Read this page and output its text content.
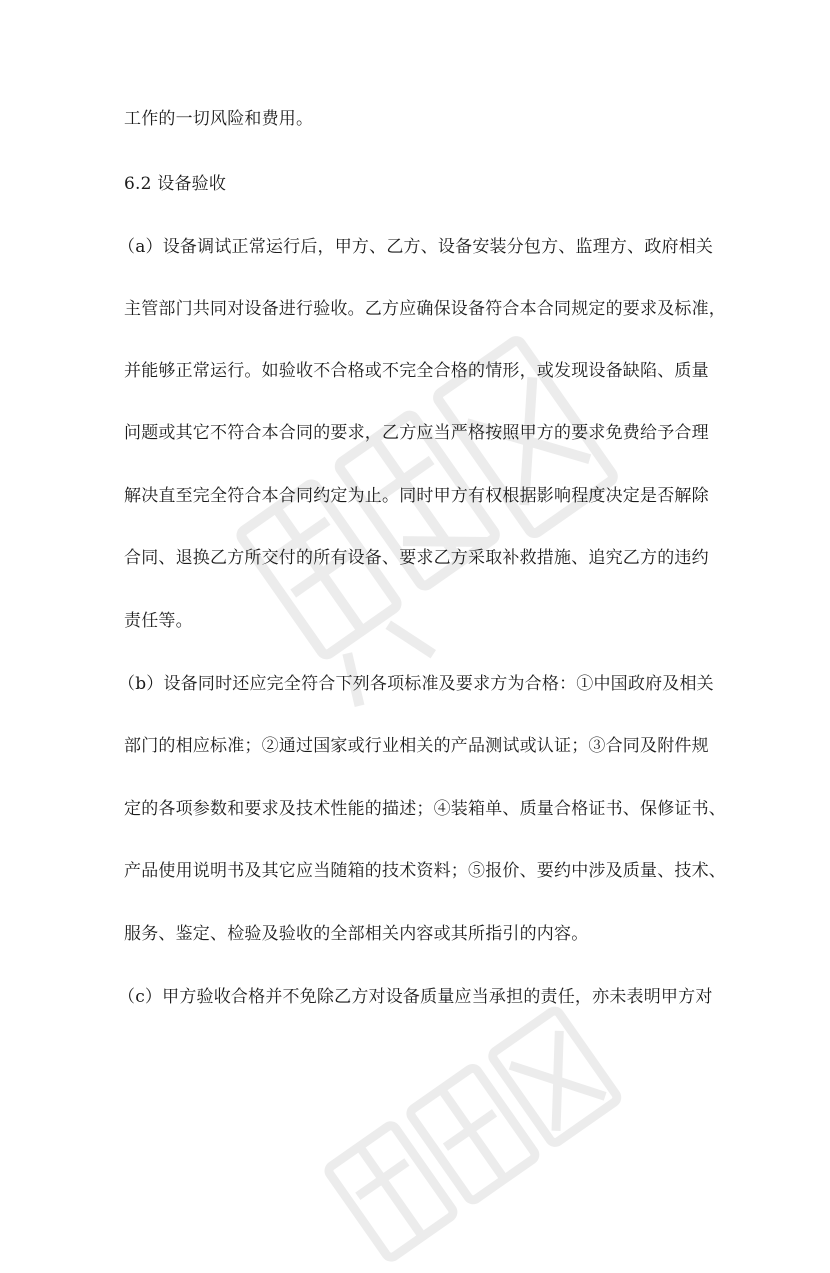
工作的一切风险和费用。
6.2 设备验收
（a）设备调试正常运行后，甲方、乙方、设备安装分包方、监理方、政府相关
主管部门共同对设备进行验收。乙方应确保设备符合本合同规定的要求及标准，
并能够正常运行。如验收不合格或不完全合格的情形，或发现设备缺陷、质量
问题或其它不符合本合同的要求，乙方应当严格按照甲方的要求免费给予合理
解决直至完全符合本合同约定为止。同时甲方有权根据影响程度决定是否解除
合同、退换乙方所交付的所有设备、要求乙方采取补救措施、追究乙方的违约
责任等。
（b）设备同时还应完全符合下列各项标准及要求方为合格：①中国政府及相关
部门的相应标准；②通过国家或行业相关的产品测试或认证；③合同及附件规
定的各项参数和要求及技术性能的描述；④装箱单、质量合格证书、保修证书、
产品使用说明书及其它应当随箱的技术资料；⑤报价、要约中涉及质量、技术、
服务、鉴定、检验及验收的全部相关内容或其所指引的内容。
（c）甲方验收合格并不免除乙方对设备质量应当承担的责任，亦未表明甲方对
